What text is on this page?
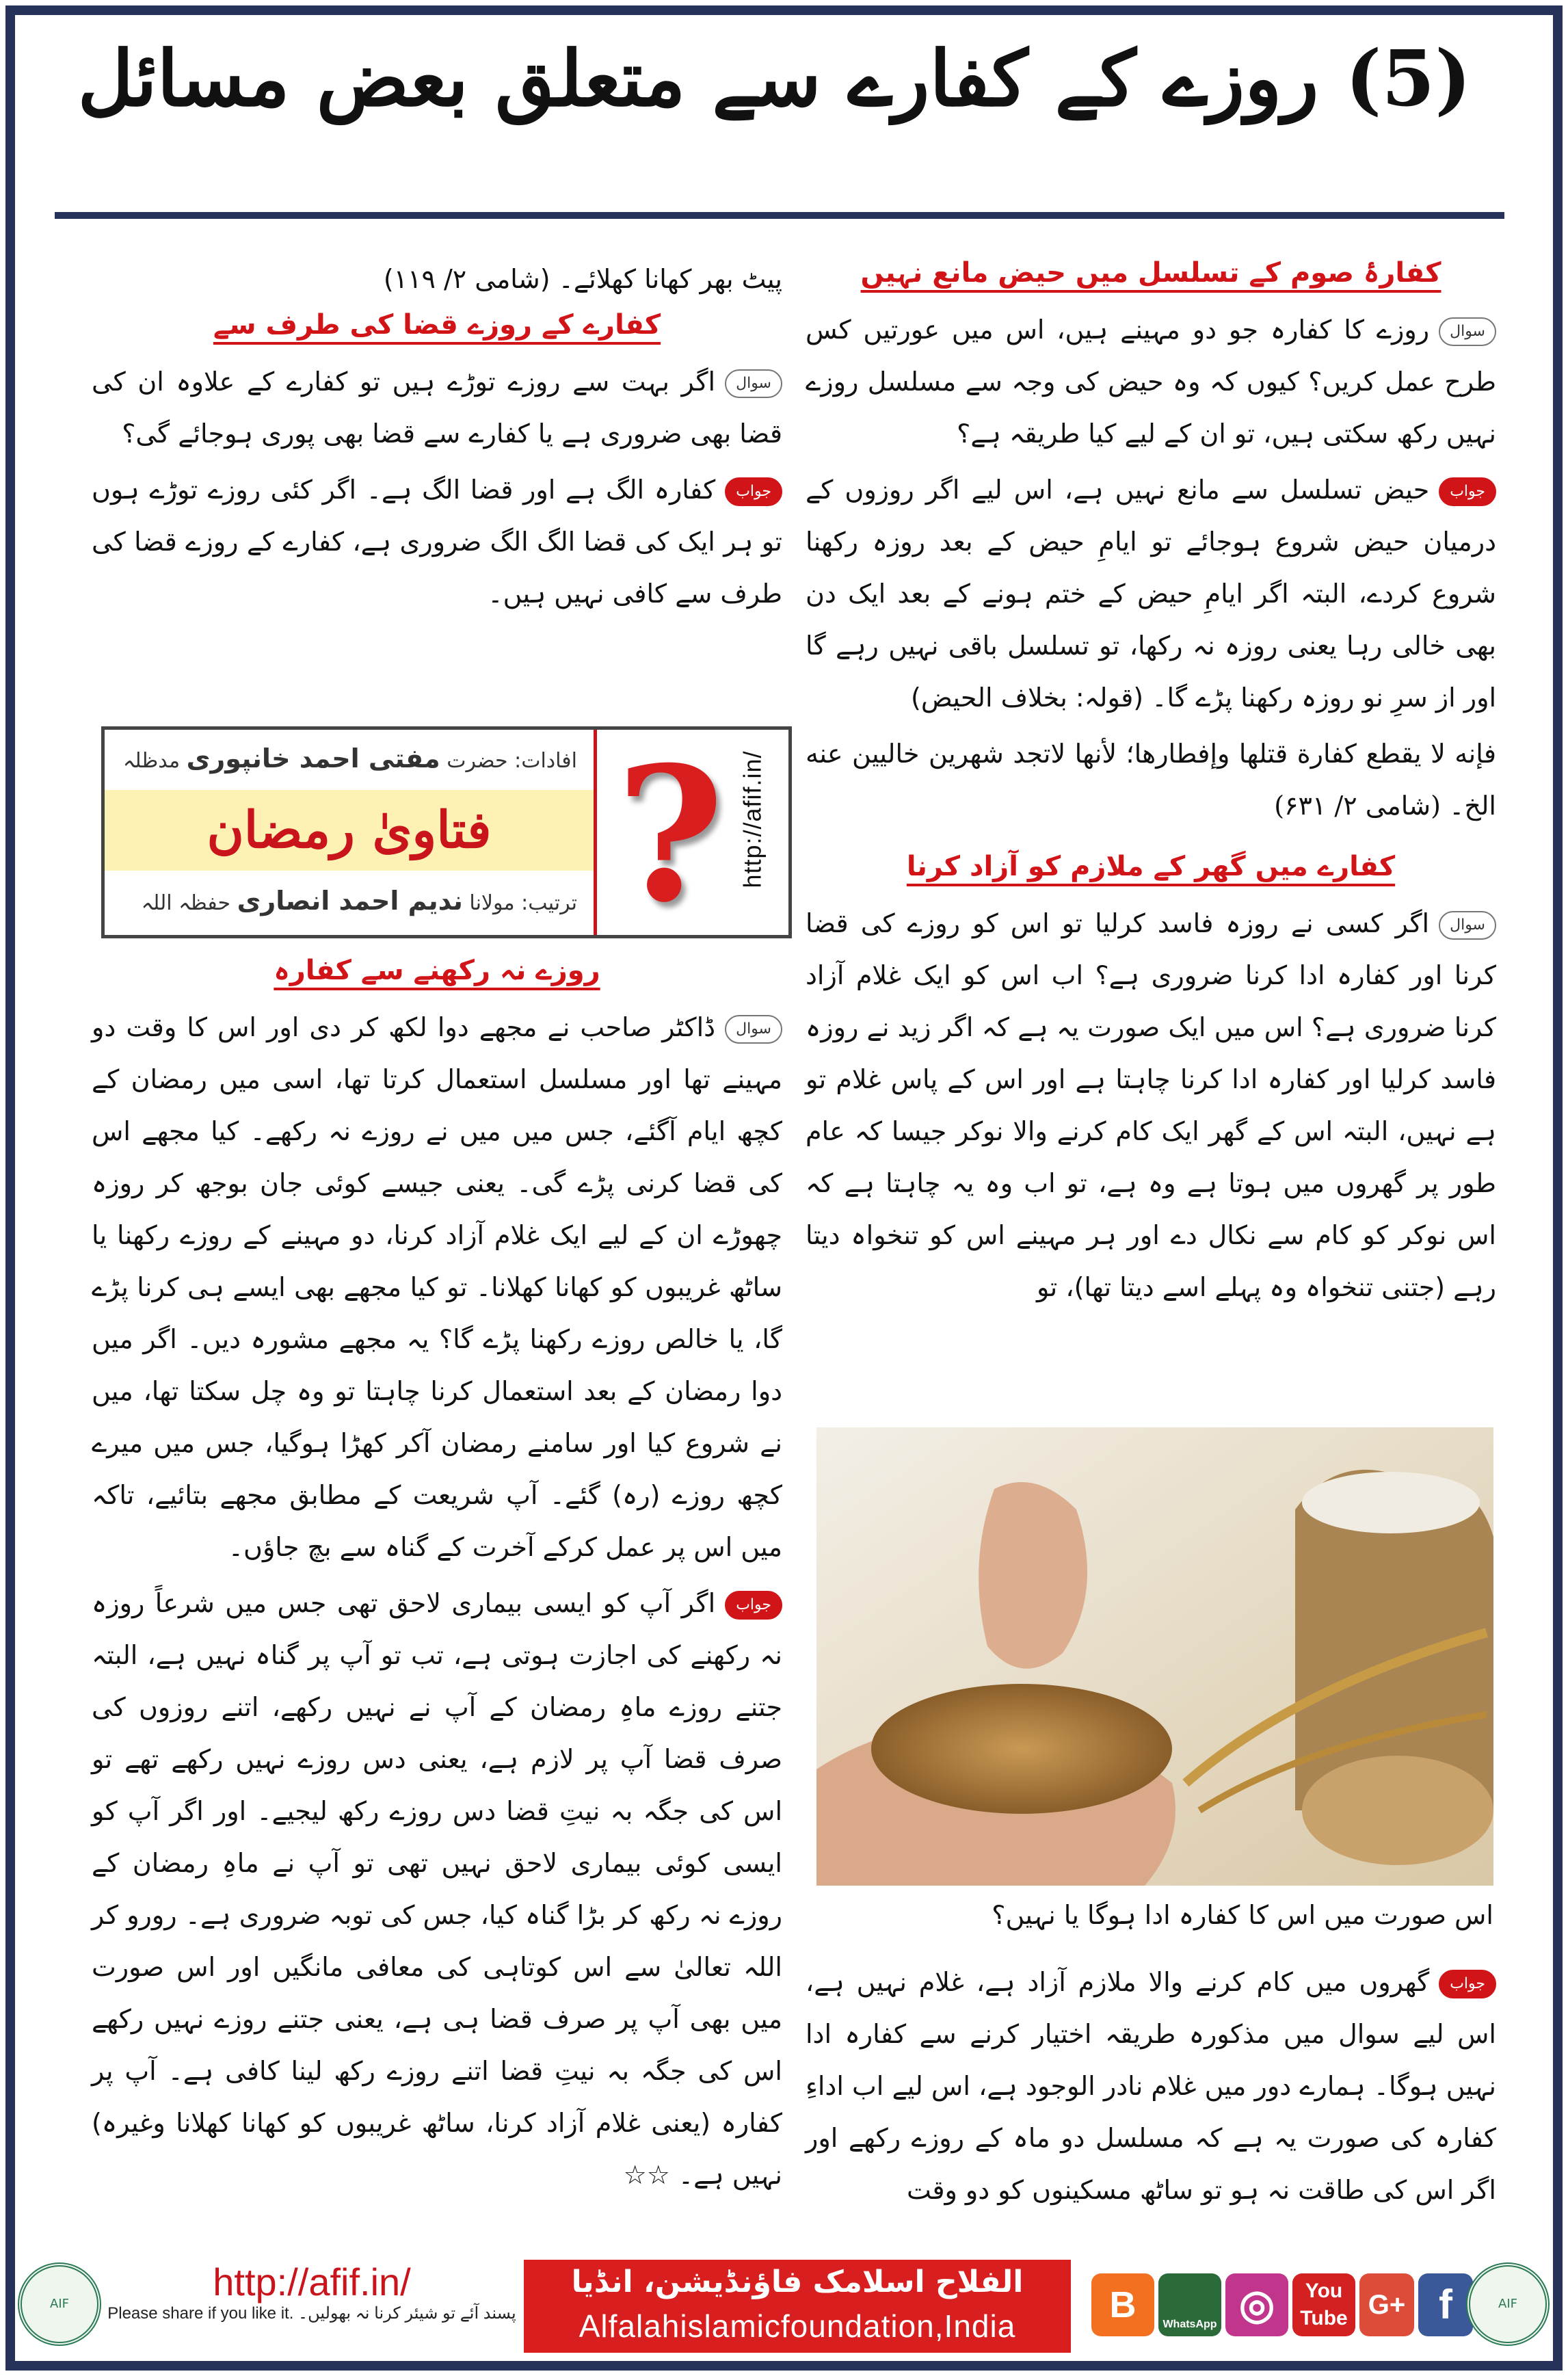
(5) روزے کے کفارے سے متعلق بعض مسائل
کفارۂ صوم کے تسلسل میں حیض مانع نہیں

سوالروزے کا کفارہ جو دو مہینے ہیں، اس میں عورتیں کس طرح عمل کریں؟ کیوں کہ وہ حیض کی وجہ سے مسلسل روزے نہیں رکھ سکتی ہیں، تو ان کے لیے کیا طریقہ ہے؟

جوابحیض تسلسل سے مانع نہیں ہے، اس لیے اگر روزوں کے درمیان حیض شروع ہوجائے تو ایامِ حیض کے بعد روزہ رکھنا شروع کردے، البتہ اگر ایامِ حیض کے ختم ہونے کے بعد ایک دن بھی خالی رہا یعنی روزہ نہ رکھا، تو تسلسل باقی نہیں رہے گا اور از سرِ نو روزہ رکھنا پڑے گا۔ (قولہ: بخلاف الحیض)

فإنه لا يقطع كفارة قتلها وإفطارها؛ لأنها لاتجد شهرين خاليين عنه الخ۔ (شامی ۲/ ۶۳۱)

کفارے میں گھر کے ملازم کو آزاد کرنا

سوالاگر کسی نے روزہ فاسد کرلیا تو اس کو روزے کی قضا کرنا اور کفارہ ادا کرنا ضروری ہے؟ اب اس کو ایک غلام آزاد کرنا ضروری ہے؟ اس میں ایک صورت یہ ہے کہ اگر زید نے روزہ فاسد کرلیا اور کفارہ ادا کرنا چاہتا ہے اور اس کے پاس غلام تو ہے نہیں، البتہ اس کے گھر ایک کام کرنے والا نوکر جیسا کہ عام طور پر گھروں میں ہوتا ہے وہ ہے، تو اب وہ یہ چاہتا ہے کہ اس نوکر کو کام سے نکال دے اور ہر مہینے اس کو تنخواہ دیتا رہے (جتنی تنخواہ وہ پہلے اسے دیتا تھا)، تو

اس صورت میں اس کا کفارہ ادا ہوگا یا نہیں؟

جوابگھروں میں کام کرنے والا ملازم آزاد ہے، غلام نہیں ہے، اس لیے سوال میں مذکورہ طریقہ اختیار کرنے سے کفارہ ادا نہیں ہوگا۔ ہمارے دور میں غلام نادر الوجود ہے، اس لیے اب اداءِ کفارہ کی صورت یہ ہے کہ مسلسل دو ماہ کے روزے رکھے اور اگر اس کی طاقت نہ ہو تو ساٹھ مسکینوں کو دو وقت

پیٹ بھر کھانا کھلائے۔ (شامی ۲/ ۱۱۹)

کفارے کے روزے قضا کی طرف سے

سوالاگر بہت سے روزے توڑے ہیں تو کفارے کے علاوہ ان کی قضا بھی ضروری ہے یا کفارے سے قضا بھی پوری ہوجائے گی؟

جوابکفارہ الگ ہے اور قضا الگ ہے۔ اگر کئی روزے توڑے ہوں تو ہر ایک کی قضا الگ الگ ضروری ہے، کفارے کے روزے قضا کی طرف سے کافی نہیں ہیں۔

? http://afif.in/
افادات: حضرت مفتی احمد خانپوری مدظلہ
فتاویٰ رمضان
ترتیب: مولانا ندیم احمد انصاری حفظہ اللہ
روزے نہ رکھنے سے کفارہ

سوالڈاکٹر صاحب نے مجھے دوا لکھ کر دی اور اس کا وقت دو مہینے تھا اور مسلسل استعمال کرتا تھا، اسی میں رمضان کے کچھ ایام آگئے، جس میں میں نے روزے نہ رکھے۔ کیا مجھے اس کی قضا کرنی پڑے گی۔ یعنی جیسے کوئی جان بوجھ کر روزہ چھوڑے ان کے لیے ایک غلام آزاد کرنا، دو مہینے کے روزے رکھنا یا ساٹھ غریبوں کو کھانا کھلانا۔ تو کیا مجھے بھی ایسے ہی کرنا پڑے گا، یا خالص روزے رکھنا پڑے گا؟ یہ مجھے مشورہ دیں۔ اگر میں دوا رمضان کے بعد استعمال کرنا چاہتا تو وہ چل سکتا تھا، میں نے شروع کیا اور سامنے رمضان آکر کھڑا ہوگیا، جس میں میرے کچھ روزے (رہ) گئے۔ آپ شریعت کے مطابق مجھے بتائیے، تاکہ میں اس پر عمل کرکے آخرت کے گناہ سے بچ جاؤں۔

جواباگر آپ کو ایسی بیماری لاحق تھی جس میں شرعاً روزہ نہ رکھنے کی اجازت ہوتی ہے، تب تو آپ پر گناہ نہیں ہے، البتہ جتنے روزے ماہِ رمضان کے آپ نے نہیں رکھے، اتنے روزوں کی صرف قضا آپ پر لازم ہے، یعنی دس روزے نہیں رکھے تھے تو اس کی جگہ بہ نیتِ قضا دس روزے رکھ لیجیے۔ اور اگر آپ کو ایسی کوئی بیماری لاحق نہیں تھی تو آپ نے ماہِ رمضان کے روزے نہ رکھ کر بڑا گناہ کیا، جس کی توبہ ضروری ہے۔ رورو کر اللہ تعالیٰ سے اس کوتاہی کی معافی مانگیں اور اس صورت میں بھی آپ پر صرف قضا ہی ہے، یعنی جتنے روزے نہیں رکھے اس کی جگہ بہ نیتِ قضا اتنے روزے رکھ لینا کافی ہے۔ آپ پر کفارہ (یعنی غلام آزاد کرنا، ساٹھ غریبوں کو کھانا کھلانا وغیرہ) نہیں ہے۔ ☆☆

AIF
http://afif.in/
Please share if you like it. پسند آئے تو شیئر کرنا نہ بھولیں۔
الفلاح اسلامک فاؤنڈیشن، انڈیا
Alfalahislamicfoundation,India
B	WhatsApp ◎	You Tube G+ f	AIF
